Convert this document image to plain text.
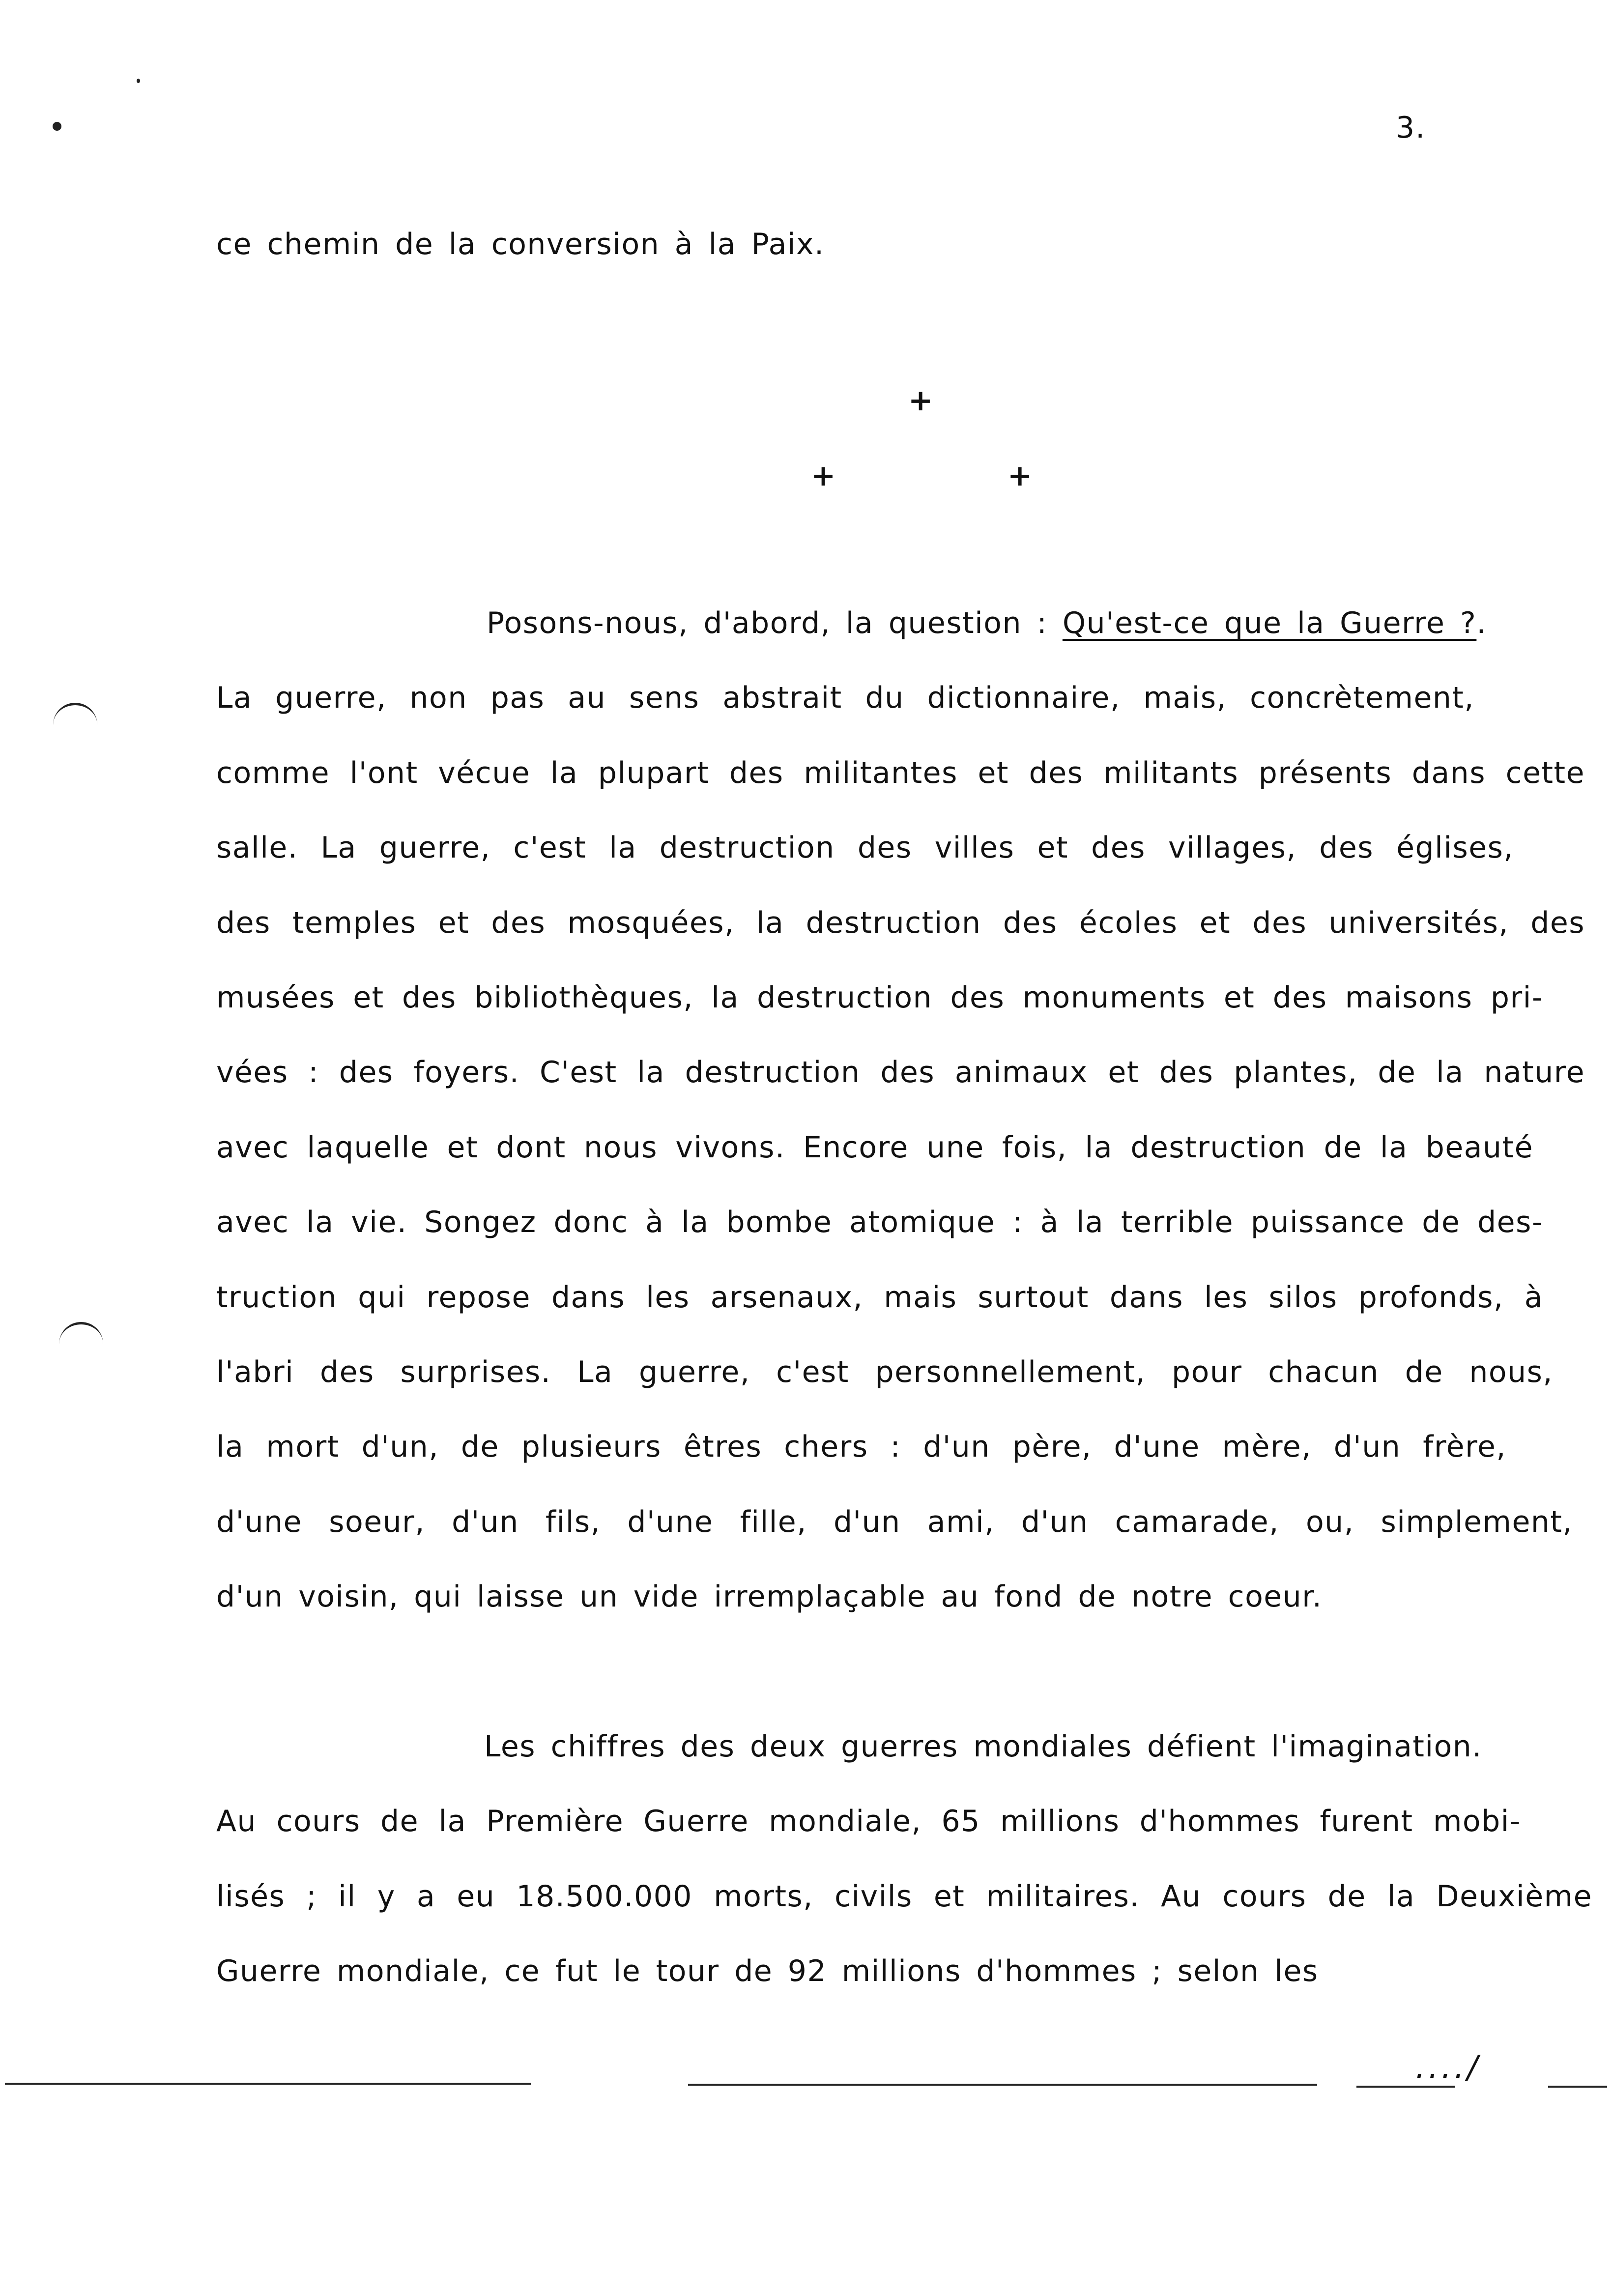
3.
ce chemin de la conversion à la Paix.
+
+	+
Posons-nous, d'abord, la question : Qu'est-ce que la Guerre ?.
La guerre, non pas au sens abstrait du dictionnaire, mais, concrètement,
comme l'ont vécue la plupart des militantes et des militants présents dans cette
salle. La guerre, c'est la destruction des villes et des villages, des églises,
des temples et des mosquées, la destruction des écoles et des universités, des
musées et des bibliothèques, la destruction des monuments et des maisons pri-
vées : des foyers. C'est la destruction des animaux et des plantes, de la nature
avec laquelle et dont nous vivons. Encore une fois, la destruction de la beauté
avec la vie. Songez donc à la bombe atomique : à la terrible puissance de des-
truction qui repose dans les arsenaux, mais surtout dans les silos profonds, à
l'abri des surprises. La guerre, c'est personnellement, pour chacun de nous,
la mort d'un, de plusieurs êtres chers : d'un père, d'une mère, d'un frère,
d'une soeur, d'un fils, d'une fille, d'un ami, d'un camarade, ou, simplement,
d'un voisin, qui laisse un vide irremplaçable au fond de notre coeur.
Les chiffres des deux guerres mondiales défient l'imagination.
Au cours de la Première Guerre mondiale, 65 millions d'hommes furent mobi-
lisés ; il y a eu 18.500.000 morts, civils et militaires. Au cours de la Deuxième
Guerre mondiale, ce fut le tour de 92 millions d'hommes ; selon les
..../
